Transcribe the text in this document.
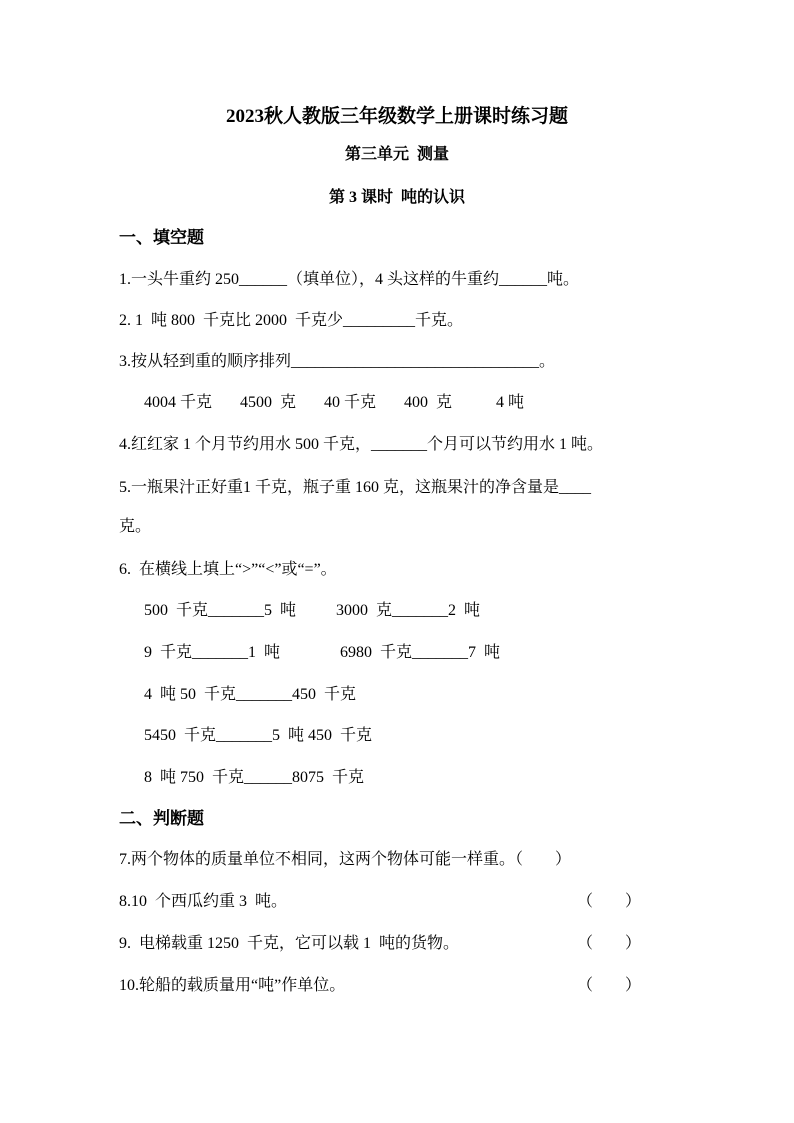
2023秋人教版三年级数学上册课时练习题
第三单元  测量
第 3 课时  吨的认识
一、填空题
1.一头牛重约 250______（填单位），4 头这样的牛重约______吨。
2. 1  吨 800  千克比 2000  千克少_________千克。
3.按从轻到重的顺序排列_______________________________。
4004 千克       4500  克       40 千克       400  克           4 吨
4.红红家 1 个月节约用水 500 千克，_______个月可以节约用水 1 吨。
5.一瓶果汁正好重1 千克，瓶子重 160 克，这瓶果汁的净含量是____
克。
6.  在横线上填上“>”“<”或“=”。
500  千克_______5  吨          3000  克_______2  吨
9  千克_______1  吨               6980  千克_______7  吨
4  吨 50  千克_______450  千克
5450  千克_______5  吨 450  千克
8  吨 750  千克______8075  千克
二、判断题
7.两个物体的质量单位不相同，这两个物体可能一样重。（        ）
8.10  个西瓜约重 3  吨。	（        ）
9.  电梯载重 1250  千克，它可以载 1  吨的货物。	（        ）
10.轮船的载质量用“吨”作单位。	（        ）
